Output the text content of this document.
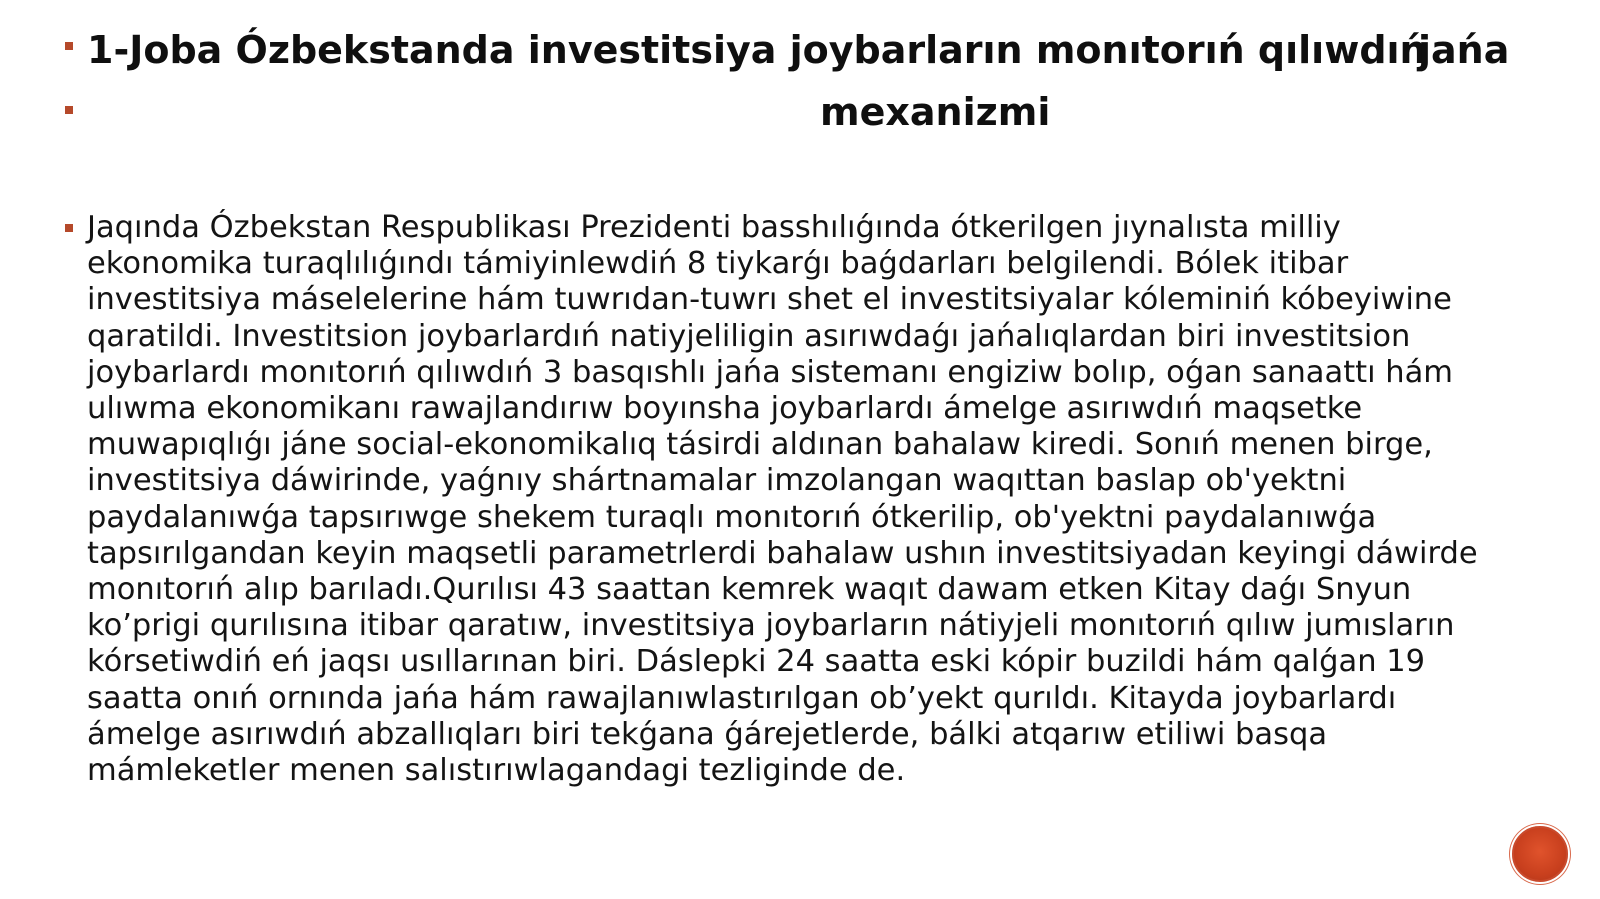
1-Joba Ózbekstanda investitsiya joybarların monıtorıń qılıwdıń
jańa
mexanizmi
Jaqında Ózbekstan Respublikası Prezidenti basshılıǵında ótkerilgen jıynalısta milliy
ekonomika turaqlılıǵındı támiyinlewdiń 8 tiykarǵı baǵdarları belgilendi. Bólek itibar
investitsiya máselelerine hám tuwrıdan-tuwrı shet el investitsiyalar kóleminiń kóbeyiwine
qaratildi. Investitsion joybarlardıń natiyjeliligin asırıwdaǵı jańalıqlardan biri investitsion
joybarlardı monıtorıń qılıwdıń 3 basqıshlı jańa sistemanı engiziw bolıp, oǵan sanaattı hám
ulıwma ekonomikanı rawajlandırıw boyınsha joybarlardı ámelge asırıwdıń maqsetke
muwapıqlıǵı jáne social-ekonomikalıq tásirdi aldınan bahalaw kiredi. Sonıń menen birge,
investitsiya dáwirinde, yaǵnıy shártnamalar imzolangan waqıttan baslap ob'yektni
paydalanıwǵa tapsırıwge shekem turaqlı monıtorıń ótkerilip, ob'yektni paydalanıwǵa
tapsırılgandan keyin maqsetli parametrlerdi bahalaw ushın investitsiyadan keyingi dáwirde
monıtorıń alıp barıladı.Qurılısı 43 saattan kemrek waqıt dawam etken Kitay daǵı Snyun
ko’prigi qurılısına itibar qaratıw, investitsiya joybarların nátiyjeli monıtorıń qılıw jumısların
kórsetiwdiń eń jaqsı usıllarınan biri. Dáslepki 24 saatta eski kópir buzildi hám qalǵan 19
saatta onıń ornında jańa hám rawajlanıwlastırılgan ob’yekt qurıldı. Kitayda joybarlardı
ámelge asırıwdıń abzallıqları biri tekǵana ǵárejetlerde, bálki atqarıw etiliwi basqa
mámleketler menen salıstırıwlagandagi tezliginde de.
